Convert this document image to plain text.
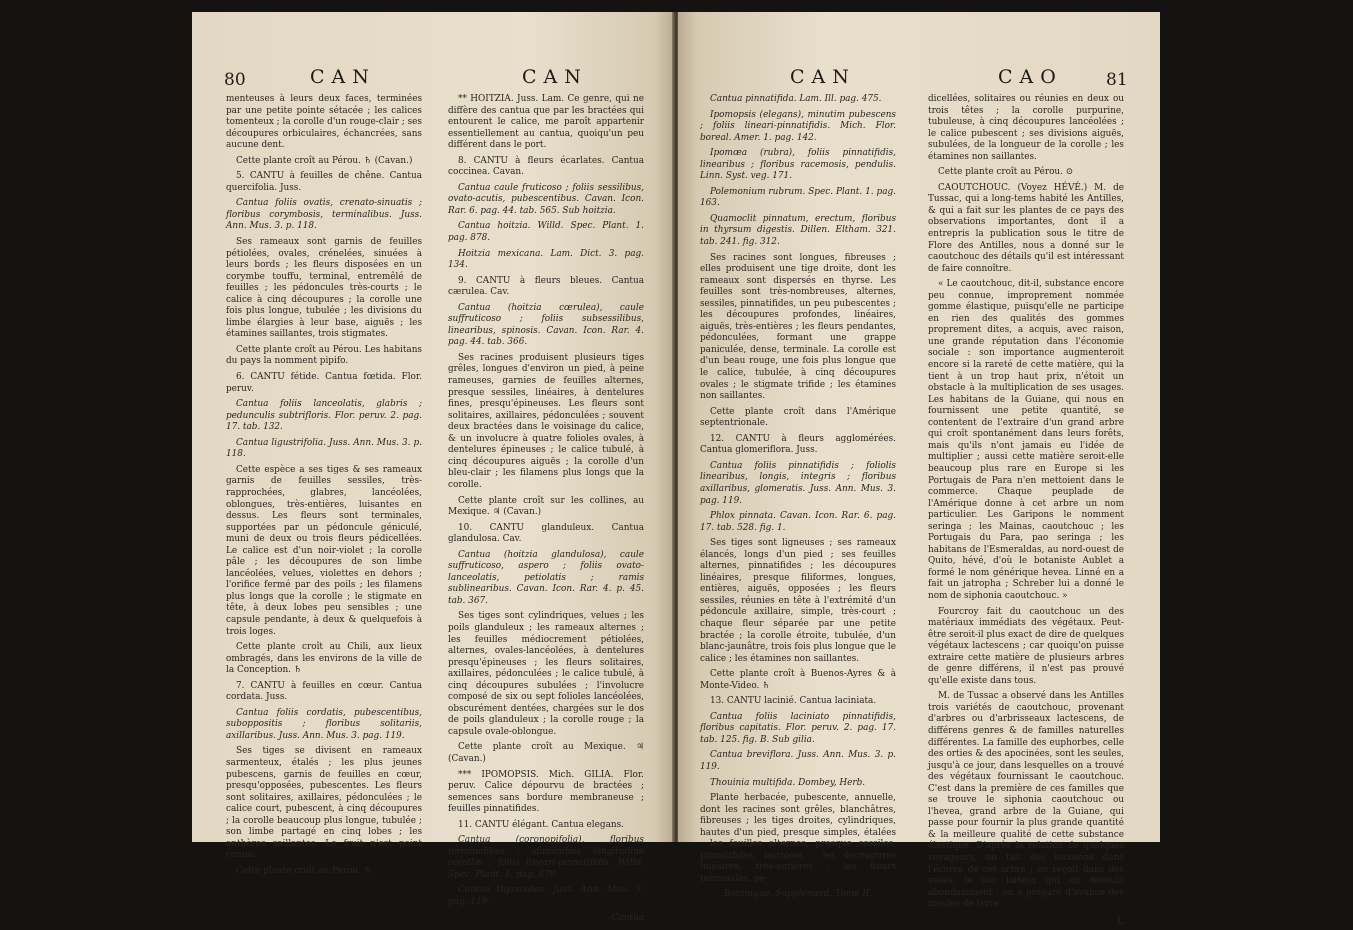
80	CAN	CAN

menteuses à leurs deux faces, terminées par une petite pointe sétacée ; les calices tomenteux ; la corolle d'un rouge-clair ; ses découpures orbiculaires, échancrées, sans aucune dent.

Cette plante croît au Pérou. ♄ (Cavan.)

5. CANTU à feuilles de chêne. Cantua quercifolia. Juss.

Cantua foliis ovatis, crenato-sinuatis ; floribus corymbosis, terminalibus. Juss. Ann. Mus. 3. p. 118.

Ses rameaux sont garnis de feuilles pétiolées, ovales, crénelées, sinuées à leurs bords ; les fleurs disposées en un corymbe touffu, terminal, entremêlé de feuilles ; les pédoncules très-courts ; le calice à cinq découpures ; la corolle une fois plus longue, tubulée ; les divisions du limbe élargies à leur base, aiguës ; les étamines saillantes, trois stigmates.

Cette plante croît au Pérou. Les habitans du pays la nomment pipifo.

6. CANTU fétide. Cantua fœtida. Flor. peruv.

Cantua foliis lanceolatis, glabris ; pedunculis subtrifloris. Flor. peruv. 2. pag. 17. tab. 132.

Cantua ligustrifolia. Juss. Ann. Mus. 3. p. 118.

Cette espèce a ses tiges & ses rameaux garnis de feuilles sessiles, très-rapprochées, glabres, lancéolées, oblongues, très-entières, luisantes en dessus. Les fleurs sont terminales, supportées par un pédoncule géniculé, muni de deux ou trois fleurs pédicellées. Le calice est d'un noir-violet ; la corolle pâle ; les découpures de son limbe lancéolées, velues, violettes en dehors ; l'orifice fermé par des poils ; les filamens plus longs que la corolle ; le stigmate en tête, à deux lobes peu sensibles ; une capsule pendante, à deux & quelquefois à trois loges.

Cette plante croît au Chili, aux lieux ombragés, dans les environs de la ville de la Conception. ♄

7. CANTU à feuilles en cœur. Cantua cordata. Juss.

Cantua foliis cordatis, pubescentibus, suboppositis ; floribus solitariis, axillaribus. Juss. Ann. Mus. 3. pag. 119.

Ses tiges se divisent en rameaux sarmenteux, étalés ; les plus jeunes pubescens, garnis de feuilles en cœur, presqu'opposées, pubescentes. Les fleurs sont solitaires, axillaires, pédonculées ; le calice court, pubescent, à cinq découpures ; la corolle beaucoup plus longue, tubulée ; son limbe partagé en cinq lobes ; les anthères saillantes. Le fruit n'est point connu.

Cette plante croît au Pérou. ♄

** HOITZIA. Juss. Lam. Ce genre, qui ne diffère des cantua que par les bractées qui entourent le calice, me paroît appartenir essentiellement au cantua, quoiqu'un peu différent dans le port.

8. CANTU à fleurs écarlates. Cantua coccinea. Cavan.

Cantua caule fruticoso ; foliis sessilibus, ovato-acutis, pubescentibus. Cavan. Icon. Rar. 6. pag. 44. tab. 565. Sub hoitzia.

Cantua hoitzia. Willd. Spec. Plant. 1. pag. 878.

Hoitzia mexicana. Lam. Dict. 3. pag. 134.

9. CANTU à fleurs bleues. Cantua cærulea. Cav.

Cantua (hoitzia cœrulea), caule suffruticoso ; foliis subsessilibus, linearibus, spinosis. Cavan. Icon. Rar. 4. pag. 44. tab. 366.

Ses racines produisent plusieurs tiges grêles, longues d'environ un pied, à peine rameuses, garnies de feuilles alternes, presque sessiles, linéaires, à dentelures fines, presqu'épineuses. Les fleurs sont solitaires, axillaires, pédonculées ; souvent deux bractées dans le voisinage du calice, & un involucre à quatre folioles ovales, à dentelures épineuses ; le calice tubulé, à cinq découpures aiguës ; la corolle d'un bleu-clair ; les filamens plus longs que la corolle.

Cette plante croît sur les collines, au Mexique. ♃ (Cavan.)

10. CANTU glanduleux. Cantua glandulosa. Cav.

Cantua (hoitzia glandulosa), caule suffruticoso, aspero ; foliis ovato-lanceolatis, petiolatis ; ramis sublinearibus. Cavan. Icon. Rar. 4. p. 45. tab. 367.

Ses tiges sont cylindriques, velues ; les poils glanduleux ; les rameaux alternes ; les feuilles médiocrement pétiolées, alternes, ovales-lancéolées, à dentelures presqu'épineuses ; les fleurs solitaires, axillaires, pédonculées ; le calice tubulé, à cinq découpures subulées ; l'involucre composé de six ou sept folioles lancéolées, obscurément dentées, chargées sur le dos de poils glanduleux ; la corolle rouge ; la capsule ovale-oblongue.

Cette plante croît au Mexique. ♃ (Cavan.)

*** IPOMOPSIS. Mich. GILIA. Flor. peruv. Calice dépourvu de bractées ; semences sans bordure membraneuse ; feuilles pinnatifides.

11. CANTU élégant. Cantua elegans.

Cantua (coronopifolia), floribus terminalibus ; staminibus longitudine corollæ ; foliis lineari-pinnatifidis. Willd. Spec. Plant. 1. pag. 879.

Cantua thyrsoidea. Juss. Ann. Mus. 3. pag. 119.

Cantua

CAN	CAO	81

Cantua pinnatifida. Lam. Ill. pag. 475.

Ipomopsis (elegans), minutim pubescens ; foliis lineari-pinnatifidis. Mich. Flor. boreal. Amer. 1. pag. 142.

Ipomœa (rubra), foliis pinnatifidis, linearibus ; floribus racemosis, pendulis. Linn. Syst. veg. 171.

Polemonium rubrum. Spec. Plant. 1. pag. 163.

Quamoclit pinnatum, erectum, floribus in thyrsum digestis. Dillen. Eltham. 321. tab. 241. fig. 312.

Ses racines sont longues, fibreuses ; elles produisent une tige droite, dont les rameaux sont dispersés en thyrse. Les feuilles sont très-nombreuses, alternes, sessiles, pinnatifides, un peu pubescentes ; les découpures profondes, linéaires, aiguës, très-entières ; les fleurs pendantes, pédonculées, formant une grappe paniculée, dense, terminale. La corolle est d'un beau rouge, une fois plus longue que le calice, tubulée, à cinq découpures ovales ; le stigmate trifide ; les étamines non saillantes.

Cette plante croît dans l'Amérique septentrionale.

12. CANTU à fleurs agglomérées. Cantua glomeriflora. Juss.

Cantua foliis pinnatifidis ; foliolis linearibus, longis, integris ; floribus axillaribus, glomeratis. Juss. Ann. Mus. 3. pag. 119.

Phlox pinnata. Cavan. Icon. Rar. 6. pag. 17. tab. 528. fig. 1.

Ses tiges sont ligneuses ; ses rameaux élancés, longs d'un pied ; ses feuilles alternes, pinnatifides ; les découpures linéaires, presque filiformes, longues, entières, aiguës, opposées ; les fleurs sessiles, réunies en tête à l'extrémité d'un pédoncule axillaire, simple, très-court ; chaque fleur séparée par une petite bractée ; la corolle étroite, tubulée, d'un blanc-jaunâtre, trois fois plus longue que le calice ; les étamines non saillantes.

Cette plante croît à Buenos-Ayres & à Monte-Video. ♄

13. CANTU lacinié. Cantua laciniata.

Cantua foliis laciniato pinnatifidis, floribus capitatis. Flor. peruv. 2. pag. 17. tab. 125. fig. B. Sub gilia.

Cantua breviflora. Juss. Ann. Mus. 3. p. 119.

Thouinia multifida. Dombey, Herb.

Plante herbacée, pubescente, annuelle, dont les racines sont grêles, blanchâtres, fibreuses ; les tiges droites, cylindriques, hautes d'un pied, presque simples, étalées ; les feuilles alternes, presque sessiles, pinnatifides, laciniées ; les découpures linéaires, très-entières ; les fleurs terminales, pé-

Botanique. Supplément. Tome II.

dicellées, solitaires ou réunies en deux ou trois têtes ; la corolle purpurine, tubuleuse, à cinq découpures lancéolées ; le calice pubescent ; ses divisions aiguës, subulées, de la longueur de la corolle ; les étamines non saillantes.

Cette plante croît au Pérou. ⊙

CAOUTCHOUC. (Voyez HÉVÉ.) M. de Tussac, qui a long-tems habité les Antilles, & qui a fait sur les plantes de ce pays des observations importantes, dont il a entrepris la publication sous le titre de Flore des Antilles, nous a donné sur le caoutchouc des détails qu'il est intéressant de faire connoître.

« Le caoutchouc, dit-il, substance encore peu connue, improprement nommée gomme élastique, puisqu'elle ne participe en rien des qualités des gommes proprement dites, a acquis, avec raison, une grande réputation dans l'économie sociale : son importance augmenteroit encore si la rareté de cette matière, qui la tient à un trop haut prix, n'étoit un obstacle à la multiplication de ses usages. Les habitans de la Guiane, qui nous en fournissent une petite quantité, se contentent de l'extraire d'un grand arbre qui croît spontanément dans leurs forêts, mais qu'ils n'ont jamais eu l'idée de multiplier ; aussi cette matière seroit-elle beaucoup plus rare en Europe si les Portugais de Para n'en mettoient dans le commerce. Chaque peuplade de l'Amérique donne à cet arbre un nom particulier. Les Garipons le nomment seringa ; les Mainas, caoutchouc ; les Portugais du Para, pao seringa ; les habitans de l'Esmeraldas, au nord-ouest de Quito, hévé, d'où le botaniste Aublet a formé le nom générique hevea. Linné en a fait un jatropha ; Schreber lui a donné le nom de siphonia caoutchouc. »

Fourcroy fait du caoutchouc un des matériaux immédiats des végétaux. Peut-être seroit-il plus exact de dire de quelques végétaux lactescens ; car quoiqu'on puisse extraire cette matière de plusieurs arbres de genre différens, il n'est pas prouvé qu'elle existe dans tous.

M. de Tussac a observé dans les Antilles trois variétés de caoutchouc, provenant d'arbres ou d'arbrisseaux lactescens, de différens genres & de familles naturelles différentes. La famille des euphorbes, celle des orties & des apocinées, sont les seules, jusqu'à ce jour, dans lesquelles on a trouvé des végétaux fournissant le caoutchouc. C'est dans la première de ces familles que se trouve le siphonia caoutchouc ou l'hevea, grand arbre de la Guiane, qui passe pour fournir la plus grande quantité & la meilleure qualité de cette substance élastique. D'après la relation de quelques voyageurs, on fait des incisions dans l'écorce de cet arbre ; on reçoit dans des vases, le suc laiteux qui en découle abondamment : on a préparé d'avance des moules de terre

L
